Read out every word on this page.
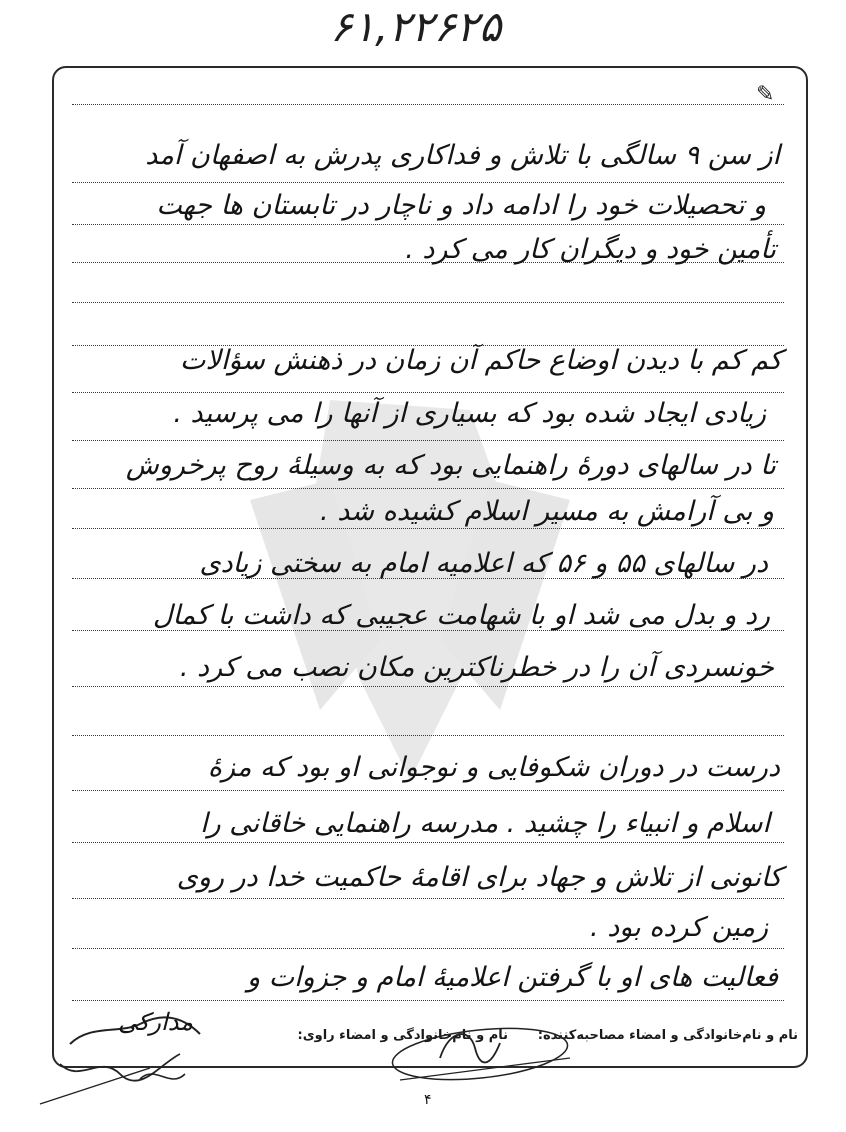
۶۱,۲۲۶۲۵
✎
از سن ۹ سالگی با تلاش و فداکاری پدرش به اصفهان آمد
و تحصیلات خود را ادامه داد و ناچار در تابستان ها جهت
تأمین خود و دیگران کار می کرد .
کم کم با دیدن اوضاع حاکم آن زمان در ذهنش سؤالات
زیادی ایجاد شده بود که بسیاری از آنها را می پرسید .
تا در سالهای دورهٔ راهنمایی بود که به وسیلهٔ روح پرخروش
و بی آرامش به مسیر اسلام کشیده شد .
در سالهای ۵۵ و ۵۶ که اعلامیه امام به سختی زیادی
رد و بدل می شد او با شهامت عجیبی که داشت با کمال
خونسردی آن را در خطرناکترین مکان نصب می کرد .
درست در دوران شکوفایی و نوجوانی او بود که مزهٔ
اسلام و انبیاء را چشید . مدرسه راهنمایی خاقانی را
کانونی از تلاش و جهاد برای اقامهٔ حاکمیت خدا در روی
زمین کرده بود .
فعالیت های او با گرفتن اعلامیهٔ امام و جزوات و
نام و نام‌خانوادگی و امضاء مصاحبه‌کننده:
نام و نام‌خانوادگی و امضاء راوی:
مدارکی
۴
